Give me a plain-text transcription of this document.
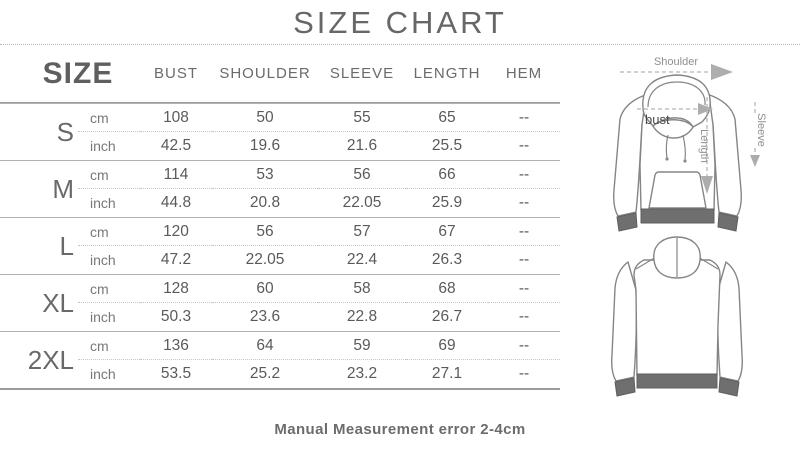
SIZE CHART
SIZE	BUST	SHOULDER	SLEEVE	LENGTH	HEM
S	cm	108	50	55	65	--
inch	42.5	19.6	21.6	25.5	--
M	cm	114	53	56	66	--
inch	44.8	20.8	22.05	25.9	--
L	cm	120	56	57	67	--
inch	47.2	22.05	22.4	26.3	--
XL	cm	128	60	58	68	--
inch	50.3	23.6	22.8	26.7	--
2XL	cm	136	64	59	69	--
inch	53.5	25.2	23.2	27.1	--
Shoulder
bust
Length	Sleeve
Manual Measurement error 2-4cm
